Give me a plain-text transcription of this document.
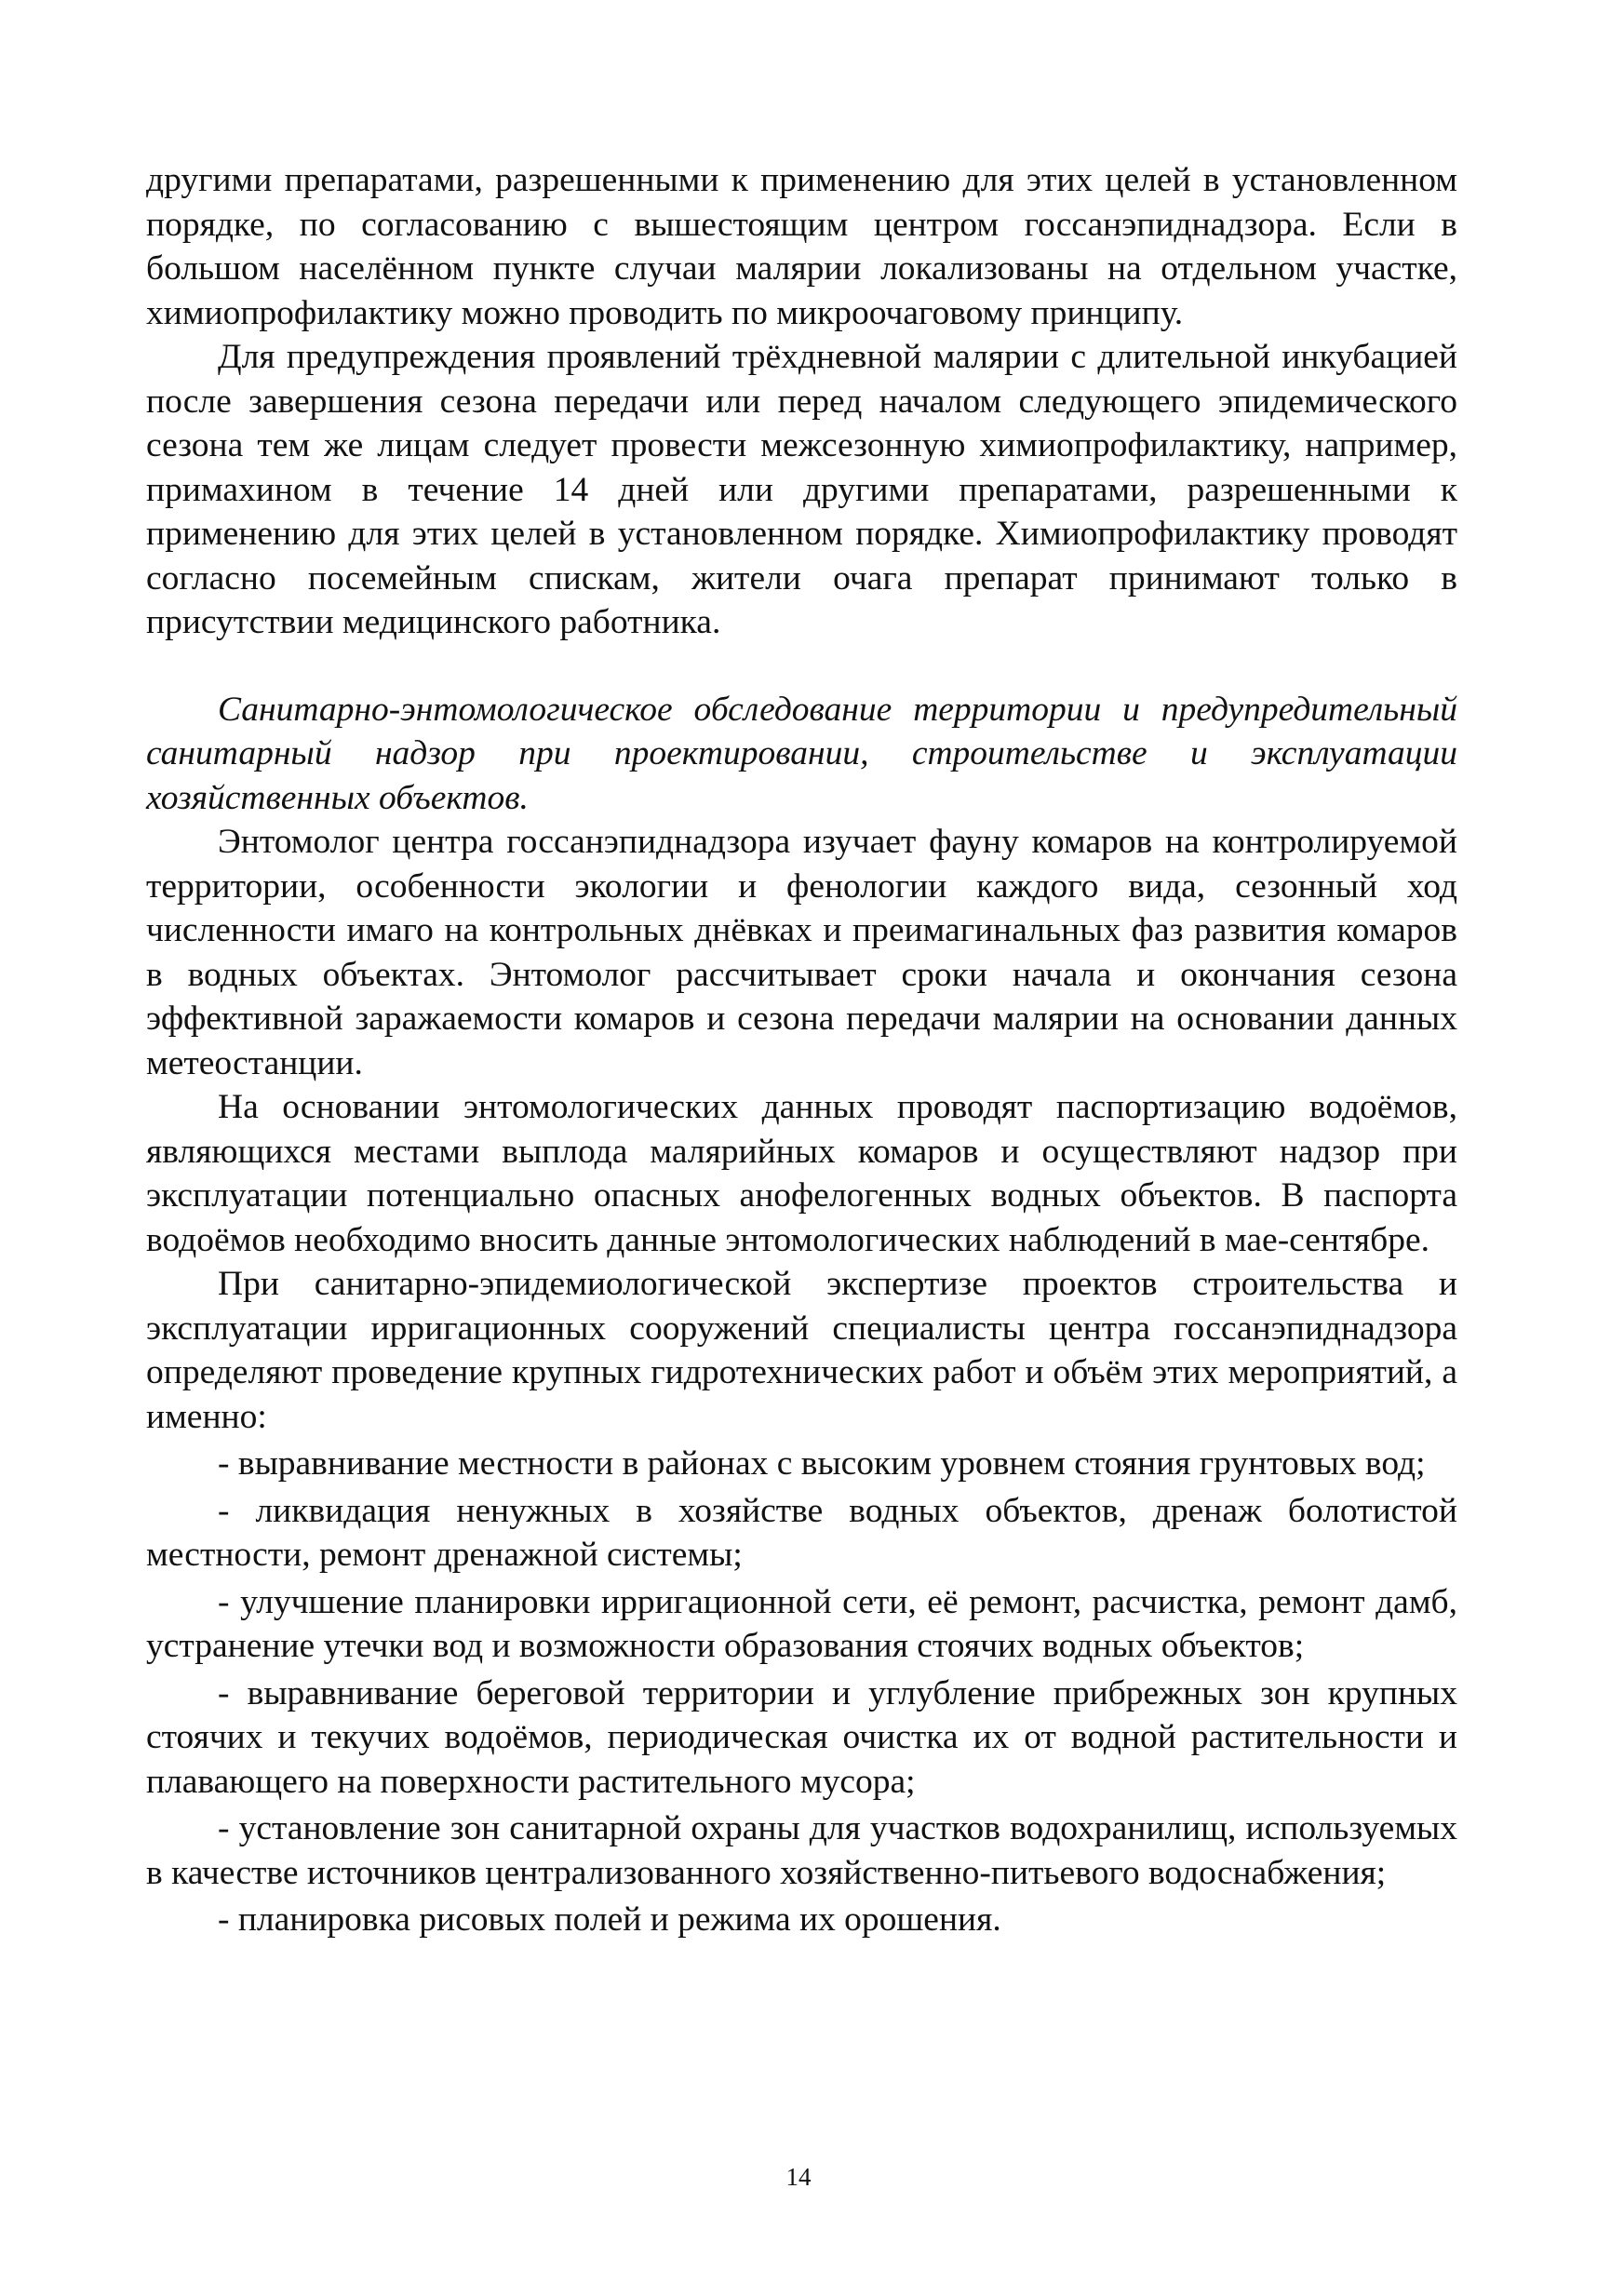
другими препаратами, разрешенными к применению для этих целей в установленном порядке, по согласованию с вышестоящим центром госсанэпиднадзора. Если в большом населённом пункте случаи малярии локализованы на отдельном участке, химиопрофилактику можно проводить по микроочаговому принципу.

Для предупреждения проявлений трёхдневной малярии с длительной инкубацией после завершения сезона передачи или перед началом следующего эпидемического сезона тем же лицам следует провести межсезонную химиопрофилактику, например, примахином в течение 14 дней или другими препаратами, разрешенными к применению для этих целей в установленном порядке. Химиопрофилактику проводят согласно посемейным спискам, жители очага препарат принимают только в присутствии медицинского работника.

Санитарно-энтомологическое обследование территории и предупредительный санитарный надзор при проектировании, строительстве и эксплуатации хозяйственных объектов.

Энтомолог центра госсанэпиднадзора изучает фауну комаров на контролируемой территории, особенности экологии и фенологии каждого вида, сезонный ход численности имаго на контрольных днёвках и преимагинальных фаз развития комаров в водных объектах. Энтомолог рассчитывает сроки начала и окончания сезона эффективной заражаемости комаров и сезона передачи малярии на основании данных метеостанции.

На основании энтомологических данных проводят паспортизацию водоёмов, являющихся местами выплода малярийных комаров и осуществляют надзор при эксплуатации потенциально опасных анофелогенных водных объектов. В паспорта водоёмов необходимо вносить данные энтомологических наблюдений в мае-сентябре.

При санитарно-эпидемиологической экспертизе проектов строительства и эксплуатации ирригационных сооружений специалисты центра госсанэпиднадзора определяют проведение крупных гидротехнических работ и объём этих мероприятий, а именно:

- выравнивание местности в районах с высоким уровнем стояния грунтовых вод;

- ликвидация ненужных в хозяйстве водных объектов, дренаж болотистой местности, ремонт дренажной системы;

- улучшение планировки ирригационной сети, её ремонт, расчистка, ремонт дамб, устранение утечки вод и возможности образования стоячих водных объектов;

- выравнивание береговой территории и углубление прибрежных зон крупных стоячих и текучих водоёмов, периодическая очистка их от водной растительности и плавающего на поверхности растительного мусора;

- установление зон санитарной охраны для участков водохранилищ, используемых в качестве источников централизованного хозяйственно-питьевого водоснабжения;

- планировка рисовых полей и режима их орошения.

14
